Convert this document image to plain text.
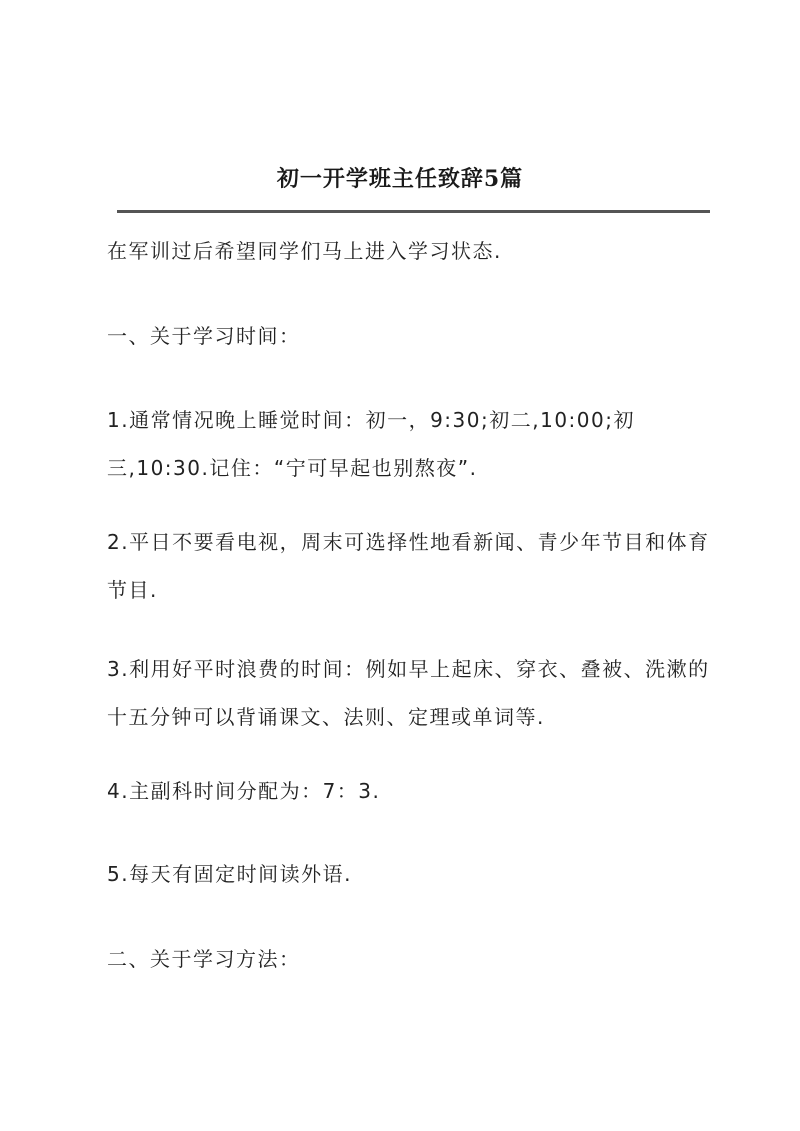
初一开学班主任致辞5篇
在军训过后希望同学们马上进入学习状态.
一、关于学习时间：
1.通常情况晚上睡觉时间：初一，9:30;初二,10:00;初
三,10:30.记住：“宁可早起也别熬夜”.
2.平日不要看电视，周末可选择性地看新闻、青少年节目和体育
节目.
3.利用好平时浪费的时间：例如早上起床、穿衣、叠被、洗漱的
十五分钟可以背诵课文、法则、定理或单词等.
4.主副科时间分配为：7：3.
5.每天有固定时间读外语.
二、关于学习方法：
